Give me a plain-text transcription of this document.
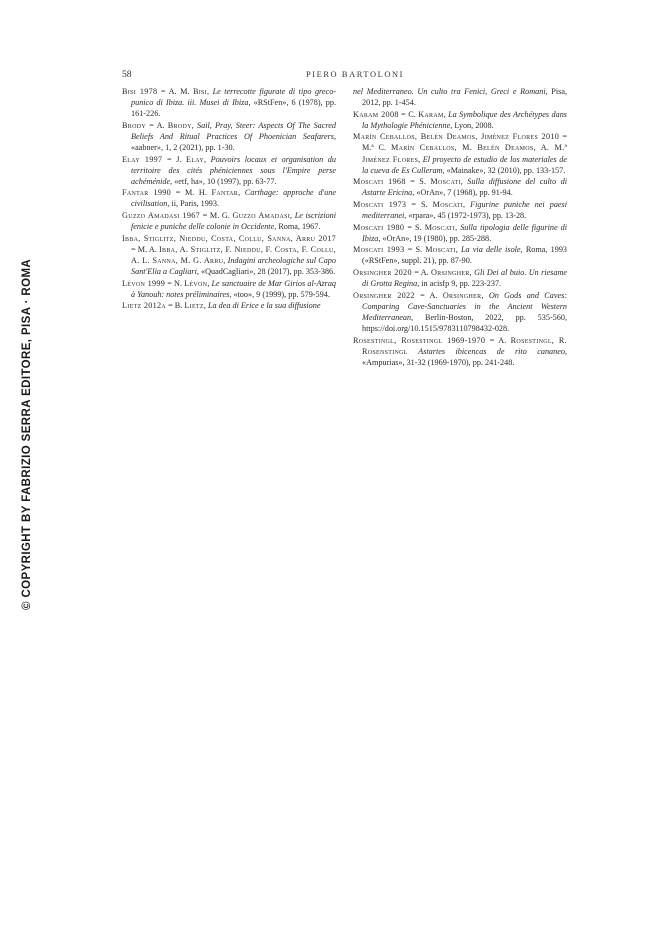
© COPYRIGHT BY FABRIZIO SERRA EDITORE, PISA · ROMA
58	PIERO BARTOLONI

Bisi 1978 = A. M. Bisi, Le terrecotte figurate di tipo greco-punico di Ibiza. iii. Musei di Ibiza, «RStFen», 6 (1978), pp. 161-226.

Brody = A. Brody, Sail, Pray, Steer: Aspects Of The Sacred Beliefs And Ritual Practices Of Phoenician Seafarers, «aabner», 1, 2 (2021), pp. 1-30.

Elay 1997 = J. Elay, Pouvoirs locaux et organisation du territoire des cités phéniciennes sous l'Empire perse achéménide, «etf, ha», 10 (1997), pp. 63-77.

Fantar 1990 = M. H. Fantar, Carthage: approche d'une civilisation, ii, Paris, 1993.

Guzzo Amadasi 1967 = M. G. Guzzo Amadasi, Le iscrizioni fenicie e puniche delle colonie in Occidente, Roma, 1967.

Ibba, Stiglitz, Nieddu, Costa, Collu, Sanna, Arru 2017 = M. A. Ibba, A. Stiglitz, F. Nieddu, F. Costa, F. Collu, A. L. Sanna, M. G. Arru, Indagini archeologiche sul Capo Sant'Elia a Cagliari, «QuadCagliari», 28 (2017), pp. 353-386.

Lévon 1999 = N. Lévon, Le sanctuaire de Mar Girios al-Azraq à Yanouh: notes préliminaires, «too», 9 (1999), pp. 579-594.

Lietz 2012a = B. Lietz, La dea di Erice e la sua diffusione

nel Mediterraneo. Un culto tra Fenici, Greci e Romani, Pisa, 2012, pp. 1-454.

Karam 2008 = C. Karam, La Symbolique des Archétypes dans la Mythologie Phénicienne, Lyon, 2008.

Marín Ceballos, Belén Deamos, Jiménez Flores 2010 = M.ª C. Marín Ceballos, M. Belén Deamos, A. M.ª Jiménez Flores, El proyecto de estudio de los materiales de la cueva de Es Culleram, «Mainake», 32 (2010), pp. 133-157.

Moscati 1968 = S. Moscati, Sulla diffusione del culto di Astarte Ericina, «OrAn», 7 (1968), pp. 91-94.

Moscati 1973 = S. Moscati, Figurine puniche nei paesi mediterranei, «rpara», 45 (1972-1973), pp. 13-28.

Moscati 1980 = S. Moscati, Sulla tipologia delle figurine di Ibiza, «OrAn», 19 (1980), pp. 285-288.

Moscati 1993 = S. Moscati, La via delle isole, Roma, 1993 («RStFen», suppl. 21), pp. 87-90.

Orsingher 2020 = A. Orsingher, Gli Dei al buio. Un riesame di Grotta Regina, in acisfp 9, pp. 223-237.

Orsingher 2022 = A. Orsingher, On Gods and Caves: Comparing Cave-Sanctuaries in the Ancient Western Mediterranean, Berlin-Boston, 2022, pp. 535-560, https://doi.org/10.1515/9783110798432-028.

Rosestingl, Rosestingl 1969-1970 = A. Rosestingl, R. Rosenstingl Astartes ibicencas de rito cananeo, «Ampurias», 31-32 (1969-1970), pp. 241-248.
